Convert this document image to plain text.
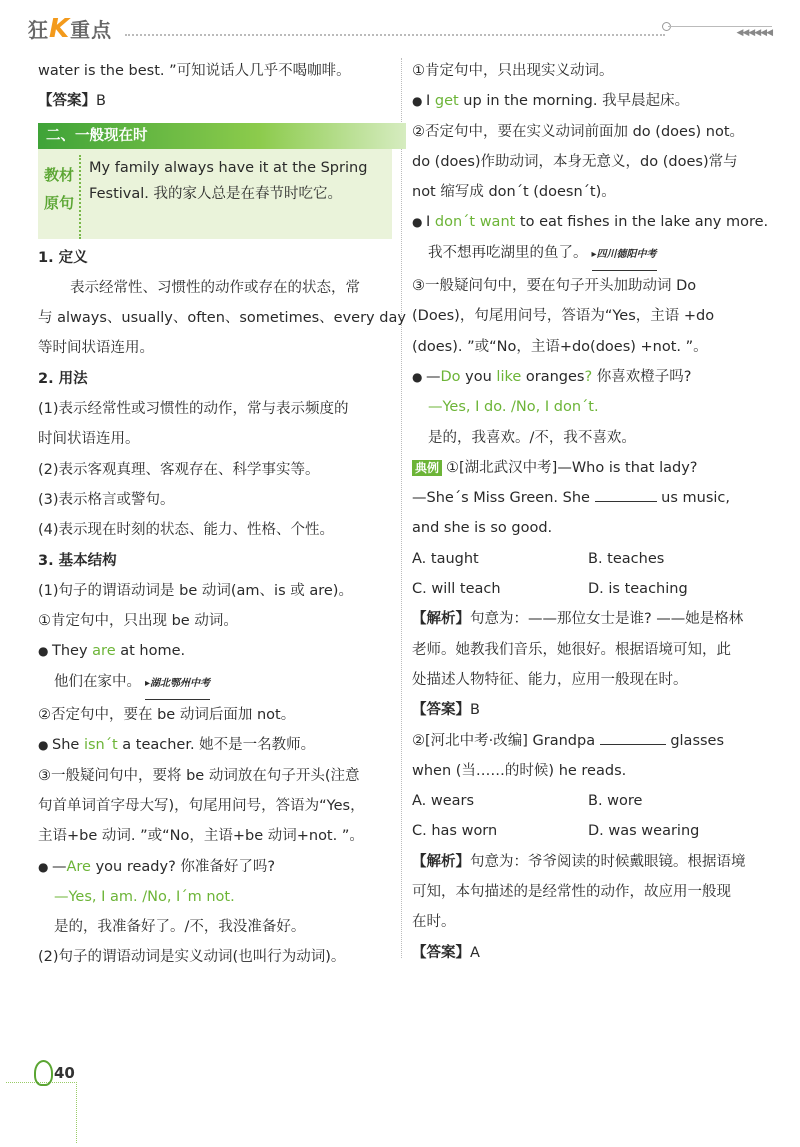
狂K重点	◀◀◀◀◀◀
water is the best. ”可知说话人几乎不喝咖啡。
【答案】B
二、一般现在时
教材
原句
My family always have it at the Spring Festival. 我的家人总是在春节时吃它。
1. 定义
表示经常性、习惯性的动作或存在的状态，常
与 always、usually、often、sometimes、every day
等时间状语连用。
2. 用法
(1)表示经常性或习惯性的动作，常与表示频度的
时间状语连用。
(2)表示客观真理、客观存在、科学事实等。
(3)表示格言或警句。
(4)表示现在时刻的状态、能力、性格、个性。
3. 基本结构
(1)句子的谓语动词是 be 动词(am、is 或 are)。
①肯定句中，只出现 be 动词。
● They are at home.
他们在家中。 ▸湖北鄂州中考
②否定句中，要在 be 动词后面加 not。
● She isn´t a teacher. 她不是一名教师。
③一般疑问句中，要将 be 动词放在句子开头(注意
句首单词首字母大写)，句尾用问号，答语为“Yes，
主语+be 动词. ”或“No，主语+be 动词+not. ”。
● —Are you ready? 你准备好了吗?
—Yes, I am. /No, I´m not.
是的，我准备好了。/不，我没准备好。
(2)句子的谓语动词是实义动词(也叫行为动词)。
①肯定句中，只出现实义动词。
● I get up in the morning. 我早晨起床。
②否定句中，要在实义动词前面加 do (does) not。
do (does)作助动词，本身无意义，do (does)常与
not 缩写成 don´t (doesn´t)。
● I don´t want to eat fishes in the lake any more.
我不想再吃湖里的鱼了。 ▸四川德阳中考
③一般疑问句中，要在句子开头加助动词 Do
(Does)，句尾用问号，答语为“Yes，主语 +do
(does). ”或“No，主语+do(does) +not. ”。
● —Do you like oranges? 你喜欢橙子吗?
—Yes, I do. /No, I don´t.
是的，我喜欢。/不，我不喜欢。
典例 ①[湖北武汉中考]—Who is that lady?
—She´s Miss Green. She	us music,
and she is so good.
A. taught	B. teaches
C. will teach	D. is teaching
【解析】句意为：——那位女士是谁? ——她是格林
老师。她教我们音乐，她很好。根据语境可知，此
处描述人物特征、能力，应用一般现在时。
【答案】B
②[河北中考·改编] Grandpa	glasses
when (当……的时候) he reads.
A. wears	B. wore
C. has worn	D. was wearing
【解析】句意为：爷爷阅读的时候戴眼镜。根据语境
可知，本句描述的是经常性的动作，故应用一般现
在时。
【答案】A
40
